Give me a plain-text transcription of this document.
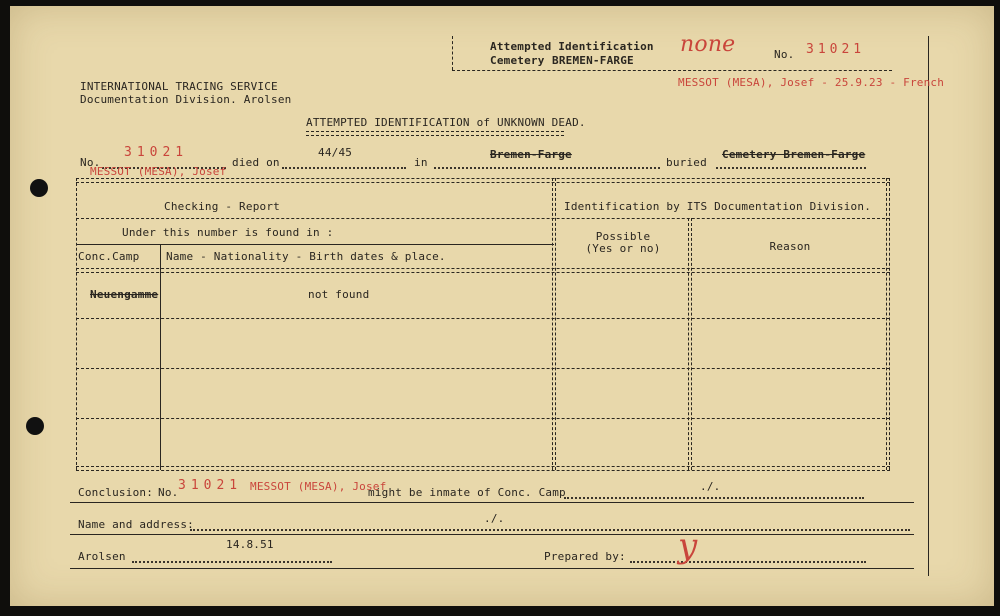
Attempted Identification
Cemetery BREMEN-FARGE
none	No. 31021
MESSOT (MESA), Josef - 25.9.23 - French
INTERNATIONAL TRACING SERVICE
Documentation Division. Arolsen
ATTEMPTED IDENTIFICATION of UNKNOWN DEAD.
No.
31021
MESSOT (MESA), Josef
died on
44/45
in
Bremen-Farge
buried
Cemetery Bremen-Farge
Checking - Report	Identification by ITS Documentation Division.
Under this number is found in :
Conc.Camp Name - Nationality - Birth dates & place.
Possible
(Yes or no)	Reason
Neuengamme	not found
Conclusion: No. 31021 MESSOT (MESA), Josef
might be inmate of Conc. Camp	./.
Name and address:	./.
Arolsen
14.8.51
Prepared by: y
